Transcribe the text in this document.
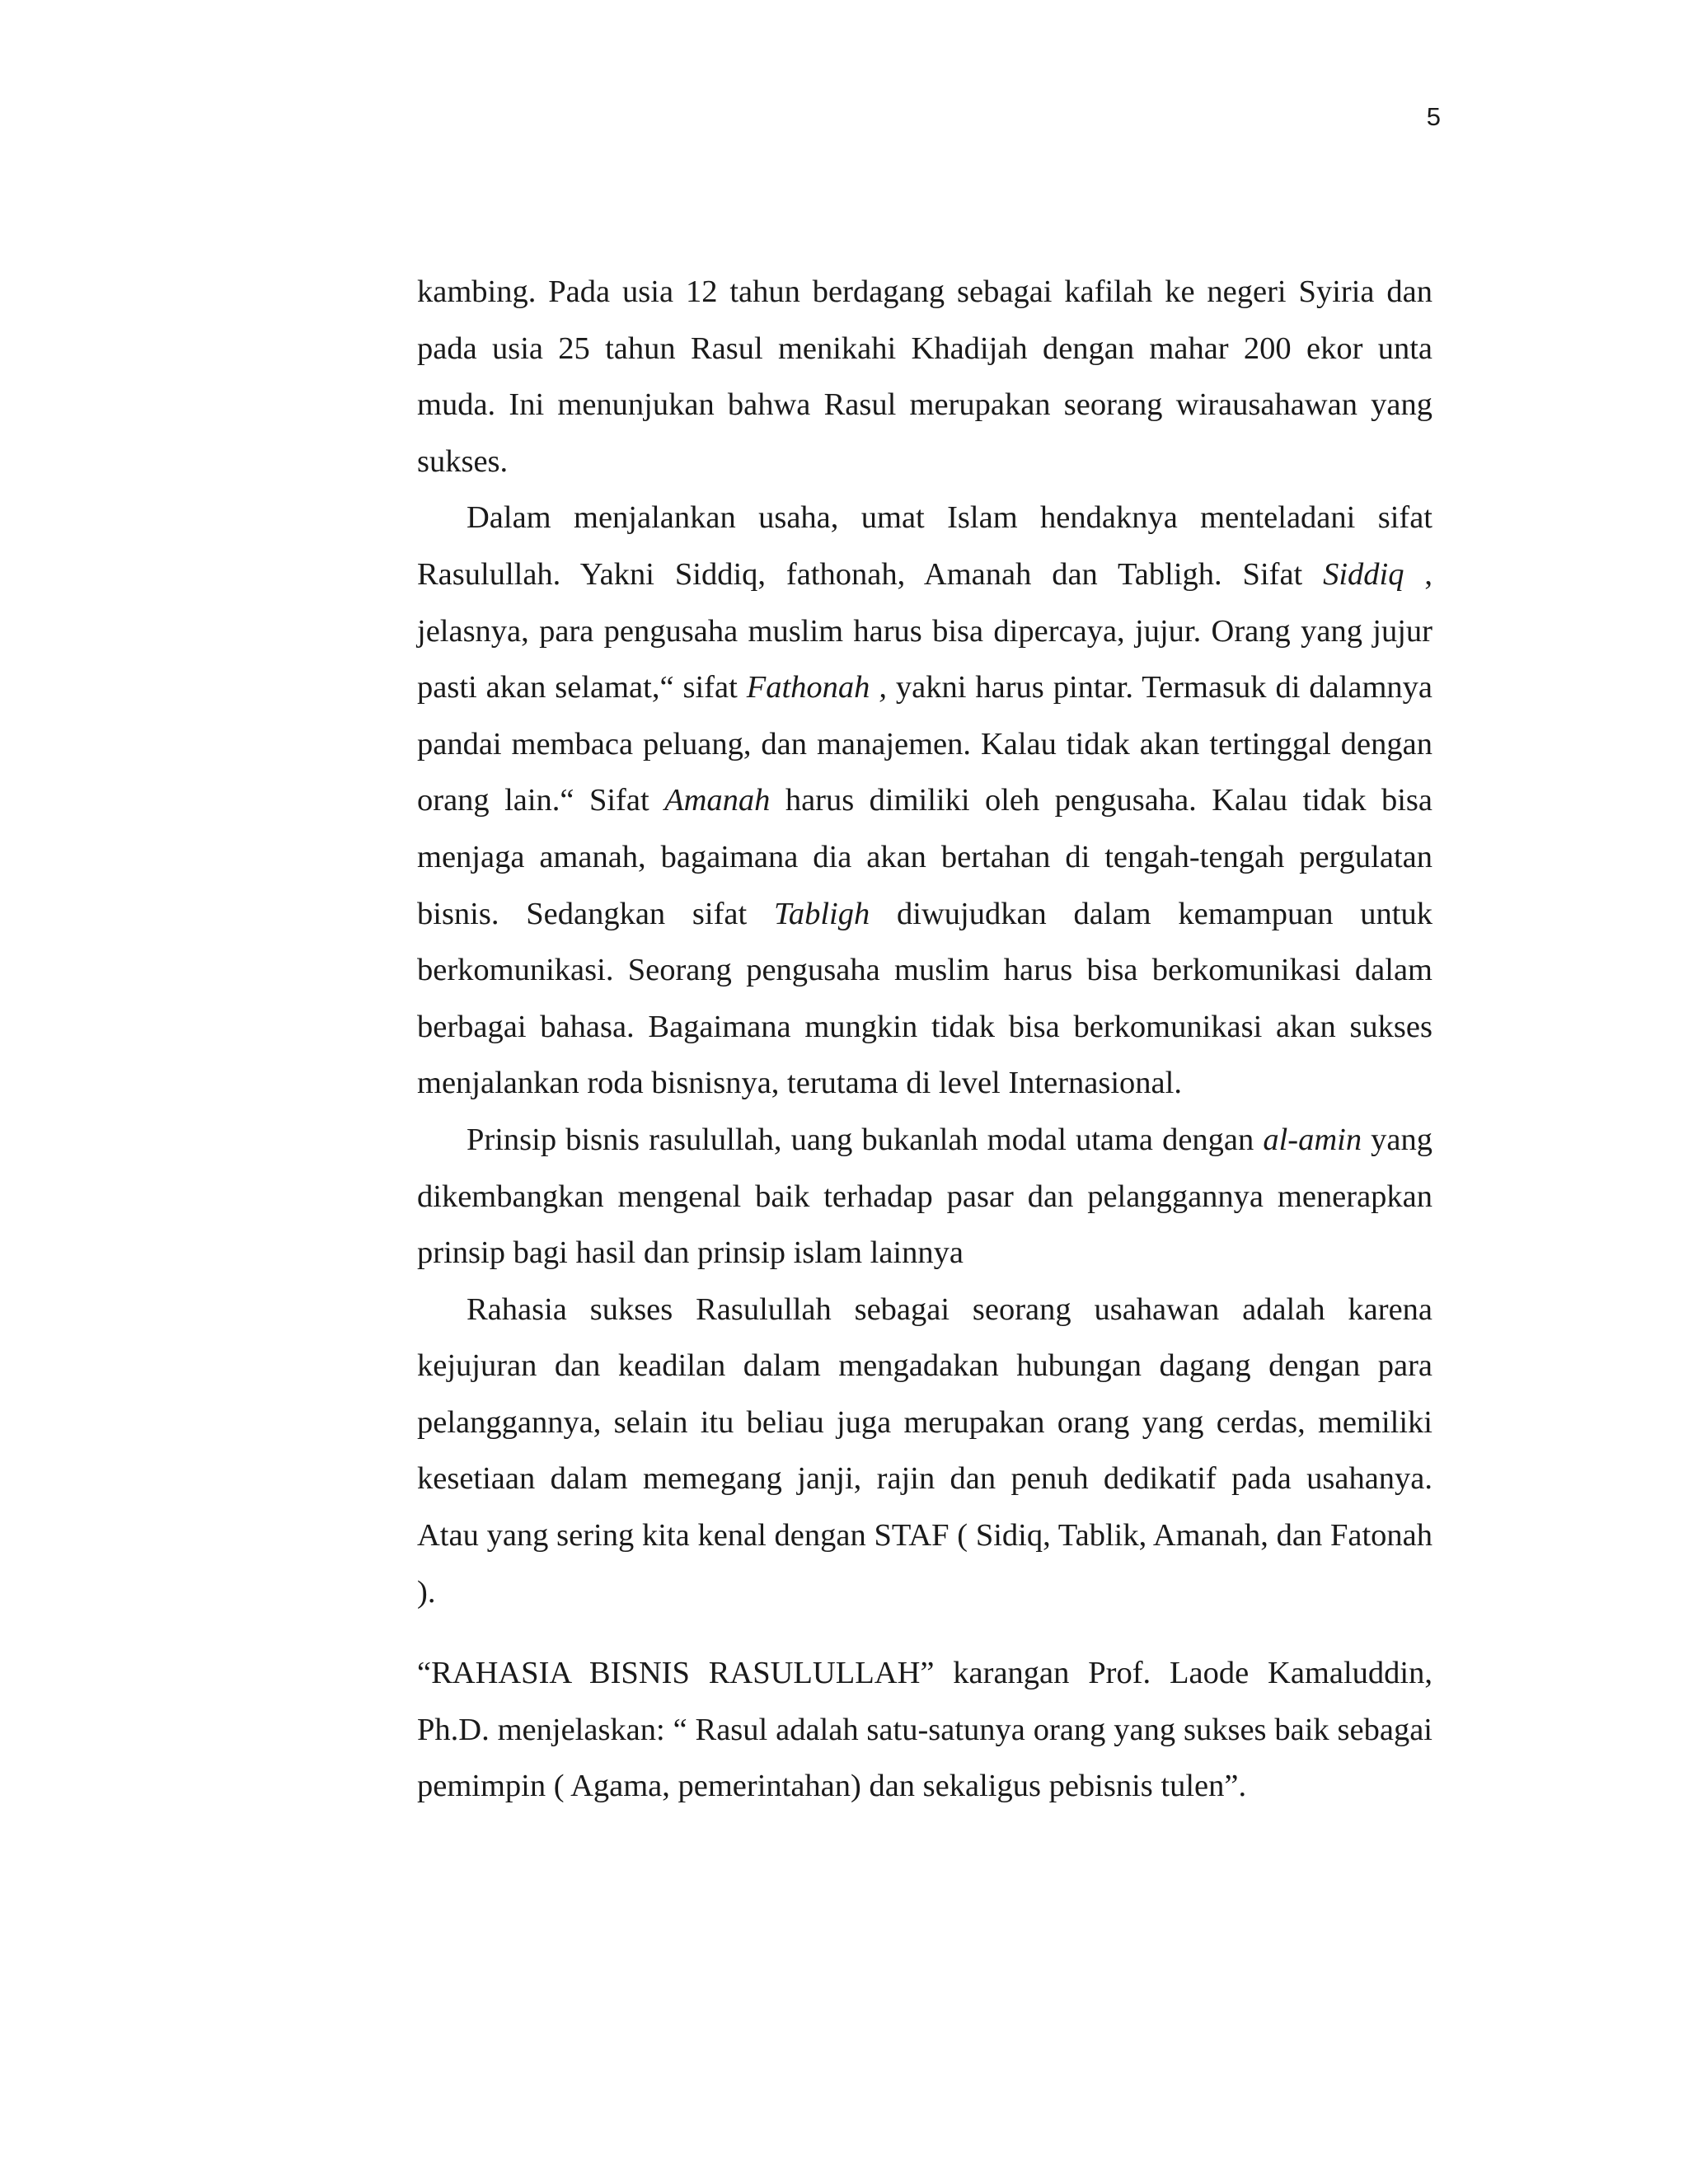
5

kambing. Pada usia 12 tahun berdagang sebagai kafilah ke negeri Syiria dan pada usia 25 tahun Rasul menikahi Khadijah dengan mahar 200 ekor unta muda. Ini menunjukan bahwa Rasul merupakan seorang wirausahawan yang sukses.

Dalam menjalankan usaha, umat Islam hendaknya menteladani sifat Rasulullah. Yakni Siddiq, fathonah, Amanah dan Tabligh. Sifat Siddiq , jelasnya, para pengusaha muslim harus bisa dipercaya, jujur. Orang yang jujur pasti akan selamat,“ sifat Fathonah , yakni harus pintar. Termasuk di dalamnya pandai membaca peluang, dan manajemen. Kalau tidak akan tertinggal dengan orang lain.“ Sifat Amanah harus dimiliki oleh pengusaha. Kalau tidak bisa menjaga amanah, bagaimana dia akan bertahan di tengah-tengah pergulatan bisnis. Sedangkan sifat Tabligh diwujudkan dalam kemampuan untuk berkomunikasi. Seorang pengusaha muslim harus bisa berkomunikasi dalam berbagai bahasa. Bagaimana mungkin tidak bisa berkomunikasi akan sukses menjalankan roda bisnisnya, terutama di level Internasional.

Prinsip bisnis rasulullah, uang bukanlah modal utama dengan al-amin yang dikembangkan mengenal baik terhadap pasar dan pelanggannya menerapkan prinsip bagi hasil dan prinsip islam lainnya

Rahasia sukses Rasulullah sebagai seorang usahawan adalah karena kejujuran dan keadilan dalam mengadakan hubungan dagang dengan para pelanggannya, selain itu beliau juga merupakan orang yang cerdas, memiliki kesetiaan dalam memegang janji, rajin dan penuh dedikatif pada usahanya. Atau yang sering kita kenal dengan STAF ( Sidiq, Tablik, Amanah, dan Fatonah ).

“RAHASIA BISNIS RASULULLAH” karangan Prof. Laode Kamaluddin, Ph.D. menjelaskan: “ Rasul adalah satu-satunya orang yang sukses baik sebagai pemimpin ( Agama, pemerintahan) dan sekaligus pebisnis tulen”.
